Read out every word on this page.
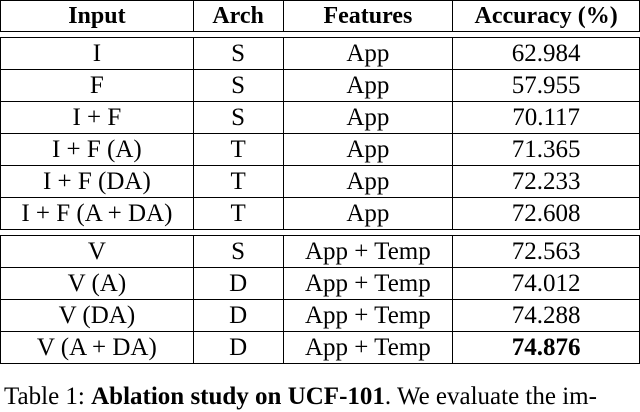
Input	Arch	Features	Accuracy (%)

I	S	App	62.984
F	S	App	57.955
I + F	S	App	70.117
I + F (A)	T	App	71.365
I + F (DA)	T	App	72.233
I + F (A + DA)	T	App	72.608

V	S	App + Temp	72.563
V (A)	D	App + Temp	74.012
V (DA)	D	App + Temp	74.288
V (A + DA)	D	App + Temp	74.876
Table 1: Ablation study on UCF-101. We evaluate the im-
